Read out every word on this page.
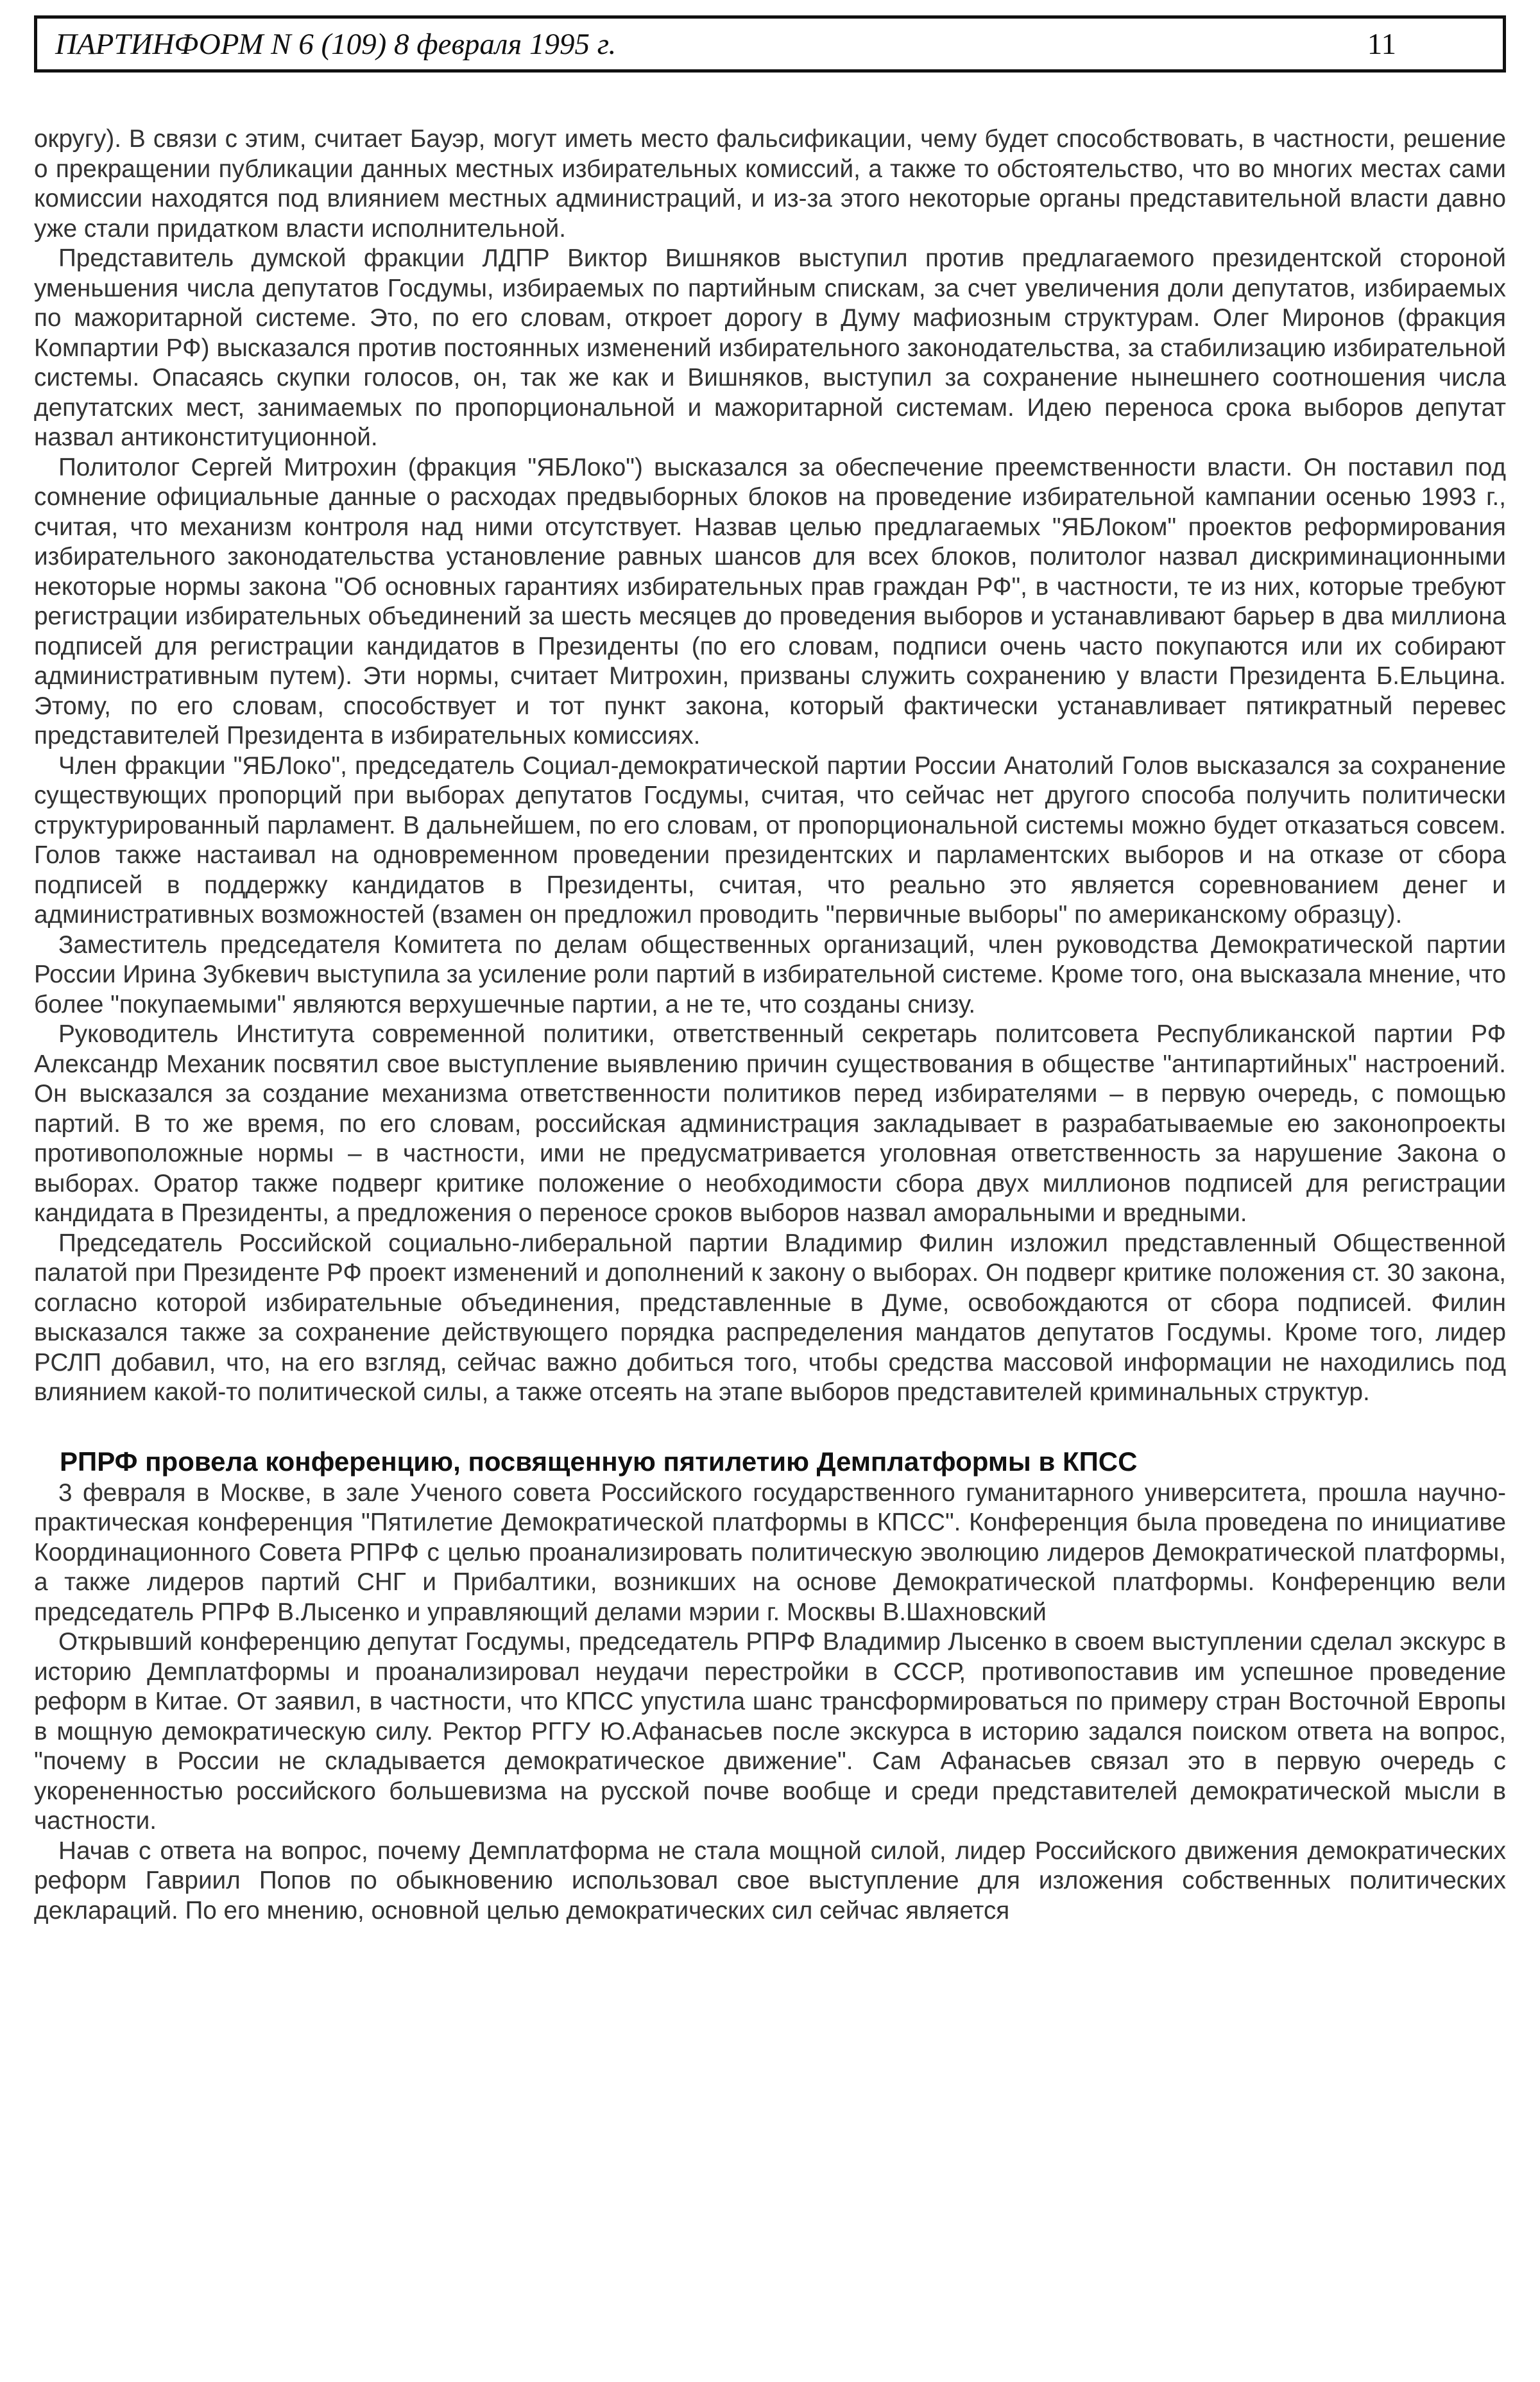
ПАРТИНФОРМ N 6 (109) 8 февраля 1995 г.	11

округу). В связи с этим, считает Бауэр, могут иметь место фальсификации, чему будет способствовать, в частности, решение о прекращении публикации данных местных избирательных комиссий, а также то обстоятельство, что во многих местах сами комиссии находятся под влиянием местных администраций, и из-за этого некоторые органы представительной власти давно уже стали придатком власти исполнительной.

Представитель думской фракции ЛДПР Виктор Вишняков выступил против предлагаемого президентской стороной уменьшения числа депутатов Госдумы, избираемых по партийным спискам, за счет увеличения доли депутатов, избираемых по мажоритарной системе. Это, по его словам, откроет дорогу в Думу мафиозным структурам. Олег Миронов (фракция Компартии РФ) высказался против постоянных изменений избирательного законодательства, за стабилизацию избирательной системы. Опасаясь скупки голосов, он, так же как и Вишняков, выступил за сохранение нынешнего соотношения числа депутатских мест, занимаемых по пропорциональной и мажоритарной системам. Идею переноса срока выборов депутат назвал антиконституционной.

Политолог Сергей Митрохин (фракция "ЯБЛоко") высказался за обеспечение преемственности власти. Он поставил под сомнение официальные данные о расходах предвыборных блоков на проведение избирательной кампании осенью 1993 г., считая, что механизм контроля над ними отсутствует. Назвав целью предлагаемых "ЯБЛоком" проектов реформирования избирательного законодательства установление равных шансов для всех блоков, политолог назвал дискриминационными некоторые нормы закона "Об основных гарантиях избирательных прав граждан РФ", в частности, те из них, которые требуют регистрации избирательных объединений за шесть месяцев до проведения выборов и устанавливают барьер в два миллиона подписей для регистрации кандидатов в Президенты (по его словам, подписи очень часто покупаются или их собирают административным путем). Эти нормы, считает Митрохин, призваны служить сохранению у власти Президента Б.Ельцина. Этому, по его словам, способствует и тот пункт закона, который фактически устанавливает пятикратный перевес представителей Президента в избирательных комиссиях.

Член фракции "ЯБЛоко", председатель Социал-демократической партии России Анатолий Голов высказался за сохранение существующих пропорций при выборах депутатов Госдумы, считая, что сейчас нет другого способа получить политически структурированный парламент. В дальнейшем, по его словам, от пропорциональной системы можно будет отказаться совсем. Голов также настаивал на одновременном проведении президентских и парламентских выборов и на отказе от сбора подписей в поддержку кандидатов в Президенты, считая, что реально это является соревнованием денег и административных возможностей (взамен он предложил проводить "первичные выборы" по американскому образцу).

Заместитель председателя Комитета по делам общественных организаций, член руководства Демократической партии России Ирина Зубкевич выступила за усиление роли партий в избирательной системе. Кроме того, она высказала мнение, что более "покупаемыми" являются верхушечные партии, а не те, что созданы снизу.

Руководитель Института современной политики, ответственный секретарь политсовета Республиканской партии РФ Александр Механик посвятил свое выступление выявлению причин существования в обществе "антипартийных" настроений. Он высказался за создание механизма ответственности политиков перед избирателями – в первую очередь, с помощью партий. В то же время, по его словам, российская администрация закладывает в разрабатываемые ею законопроекты противоположные нормы – в частности, ими не предусматривается уголовная ответственность за нарушение Закона о выборах. Оратор также подверг критике положение о необходимости сбора двух миллионов подписей для регистрации кандидата в Президенты, а предложения о переносе сроков выборов назвал аморальными и вредными.

Председатель Российской социально-либеральной партии Владимир Филин изложил представленный Общественной палатой при Президенте РФ проект изменений и дополнений к закону о выборах. Он подверг критике положения ст. 30 закона, согласно которой избирательные объединения, представленные в Думе, освобождаются от сбора подписей. Филин высказался также за сохранение действующего порядка распределения мандатов депутатов Госдумы. Кроме того, лидер РСЛП добавил, что, на его взгляд, сейчас важно добиться того, чтобы средства массовой информации не находились под влиянием какой-то политической силы, а также отсеять на этапе выборов представителей криминальных структур.

РПРФ провела конференцию, посвященную пятилетию Демплатформы в КПСС

3 февраля в Москве, в зале Ученого совета Российского государственного гуманитарного университета, прошла научно-практическая конференция "Пятилетие Демократической платформы в КПСС". Конференция была проведена по инициативе Координационного Совета РПРФ с целью проанализировать политическую эволюцию лидеров Демократической платформы, а также лидеров партий СНГ и Прибалтики, возникших на основе Демократической платформы. Конференцию вели председатель РПРФ В.Лысенко и управляющий делами мэрии г. Москвы В.Шахновский

Открывший конференцию депутат Госдумы, председатель РПРФ Владимир Лысенко в своем выступлении сделал экскурс в историю Демплатформы и проанализировал неудачи перестройки в СССР, противопоставив им успешное проведение реформ в Китае. От заявил, в частности, что КПСС упустила шанс трансформироваться по примеру стран Восточной Европы в мощную демократическую силу. Ректор РГГУ Ю.Афанасьев после экскурса в историю задался поиском ответа на вопрос, "почему в России не складывается демократическое движение". Сам Афанасьев связал это в первую очередь с укорененностью российского большевизма на русской почве вообще и среди представителей демократической мысли в частности.

Начав с ответа на вопрос, почему Демплатформа не стала мощной силой, лидер Российского движения демократических реформ Гавриил Попов по обыкновению использовал свое выступление для изложения собственных политических деклараций. По его мнению, основной целью демократических сил сейчас является
